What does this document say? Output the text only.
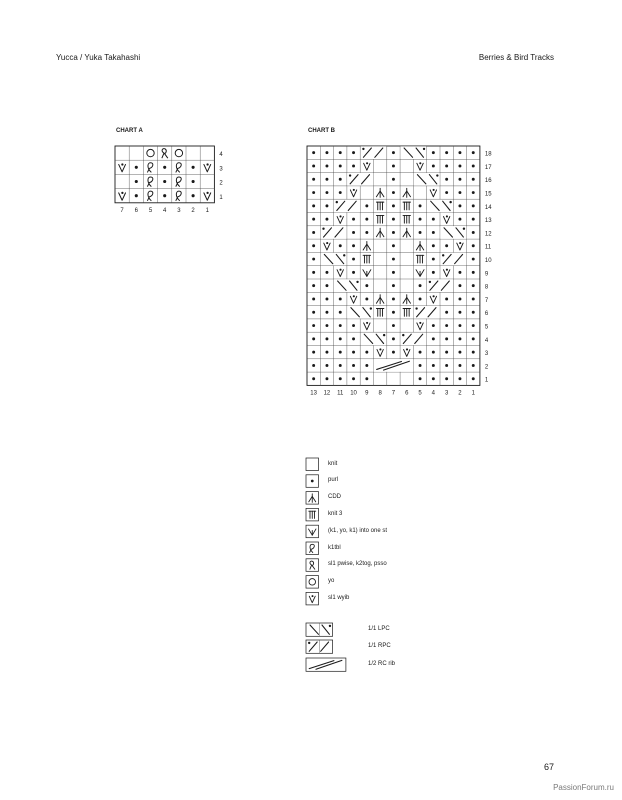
Yucca / Yuka Takahashi	Berries & Bird Tracks
CHART A	CHART B
4
3
2
1
7 6 5 4 3 2 1
18
17
16
15
14
13
12
11
10
9
8
7
6
5
4
3
2
1
13 12 11 10 9 8 7 6 5 4 3 2 1
knit
purl
CDD
knit 3
(k1, yo, k1) into one st
k1tbl
sl1 pwise, k2tog, psso
yo
sl1 wyib
1/1 LPC
1/1 RPC
1/2 RC rib
67
PassionForum.ru
